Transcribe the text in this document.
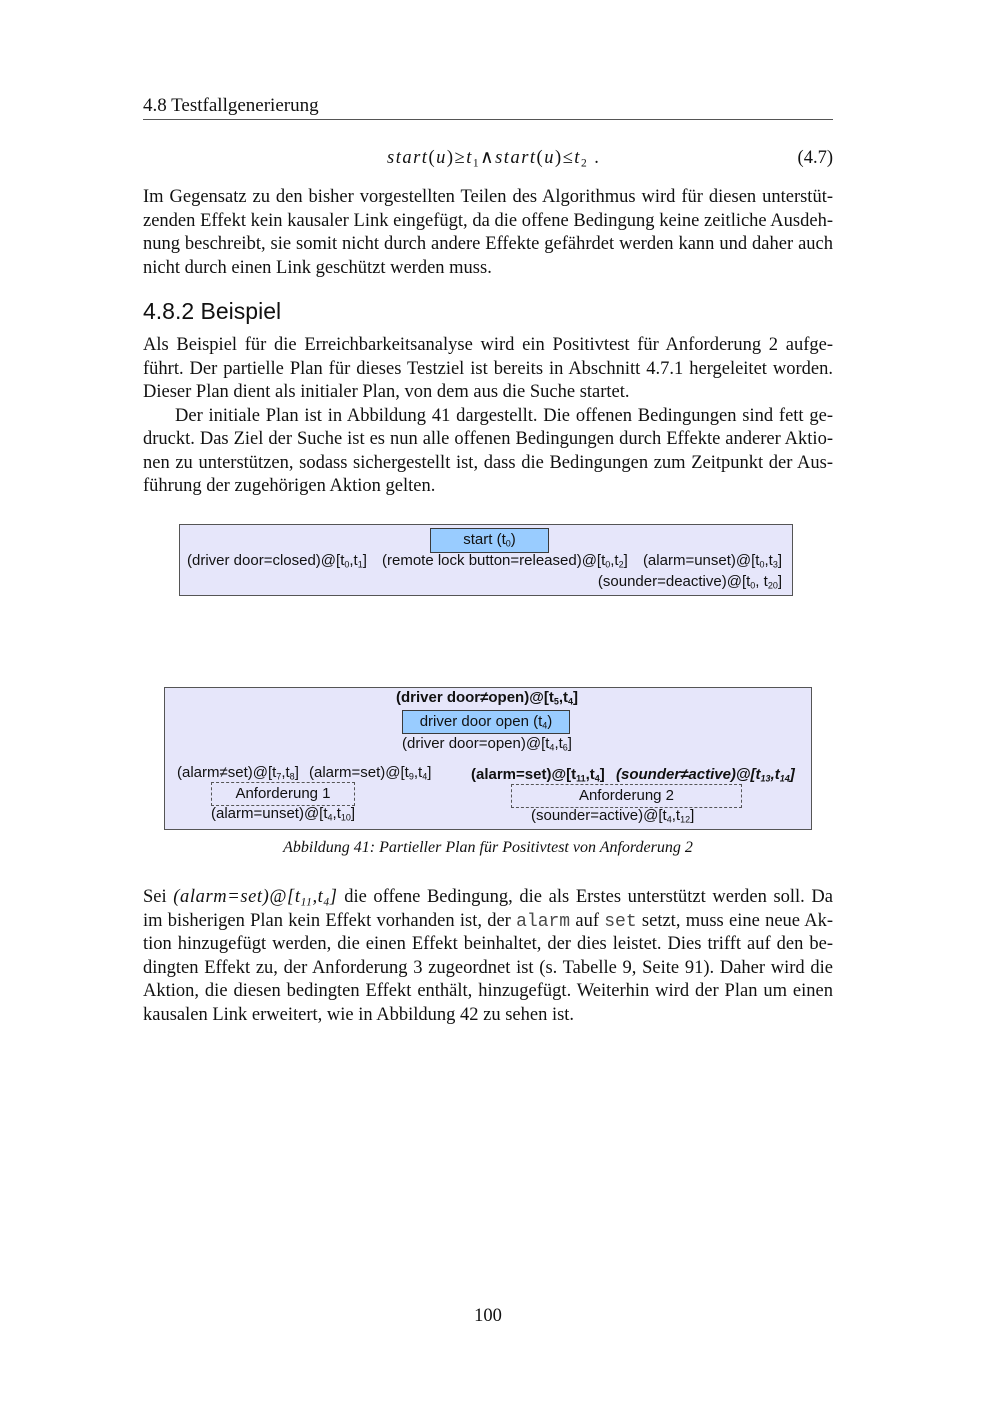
4.8 Testfallgenerierung
$start(u)\ge t_1\wedge start(u)\le t_2$ .	(4.7)
Im Gegensatz zu den bisher vorgestellten Teilen des Algorithmus wird für diesen unterstüt-
zenden Effekt kein kausaler Link eingefügt, da die offene Bedingung keine zeitliche Ausdeh-
nung beschreibt, sie somit nicht durch andere Effekte gefährdet werden kann und daher auch
nicht durch einen Link geschützt werden muss.
4.8.2 Beispiel
Als Beispiel für die Erreichbarkeitsanalyse wird ein Positivtest für Anforderung 2 aufge-
führt. Der partielle Plan für dieses Testziel ist bereits in Abschnitt 4.7.1 hergeleitet worden.
Dieser Plan dient als initialer Plan, von dem aus die Suche startet.
Der initiale Plan ist in Abbildung 41 dargestellt. Die offenen Bedingungen sind fett ge-
druckt. Das Ziel der Suche ist es nun alle offenen Bedingungen durch Effekte anderer Aktio-
nen zu unterstützen, sodass sichergestellt ist, dass die Bedingungen zum Zeitpunkt der Aus-
führung der zugehörigen Aktion gelten.
start $(t_0)$
(driver $door=closed)@[t_0,t_1]$ (remote lock $button=released)@[t_0,t_2]$ $(alarm=unset)@[t_0,t_3]$
$(sounder=deactive)@[t_0$, $t_{20}$]
(driver $door\ne open)@[t_5,t_4]$
driver door open $(t_4)$
(driver $door=open)@[t_4,t_6]$
$(alarm\ne set)@[t_7,t_8]$ $(alarm=set)@[t_9,t_4]$
Anforderung 1
$(alarm=unset)@[t_4,t_{10}]$
$(alarm=set)@[t_{11},t_4]$ $(sounder\ne active)@[t_{13},t_{14}]$
Anforderung 2
$(sounder=active)@[t_4,t_{12}]$
Abbildung 41: Partieller Plan für Positivtest von Anforderung 2
Sei $(alarm=set)@[t_{11},t_4]$ die offene Bedingung, die als Erstes unterstützt werden soll. Da
im bisherigen Plan kein Effekt vorhanden ist, der alarm auf set setzt, muss eine neue Ak-
tion hinzugefügt werden, die einen Effekt beinhaltet, der dies leistet. Dies trifft auf den be-
dingten Effekt zu, der Anforderung 3 zugeordnet ist (s. Tabelle 9, Seite 91). Daher wird die
Aktion, die diesen bedingten Effekt enthält, hinzugefügt. Weiterhin wird der Plan um einen
kausalen Link erweitert, wie in Abbildung 42 zu sehen ist.
100
